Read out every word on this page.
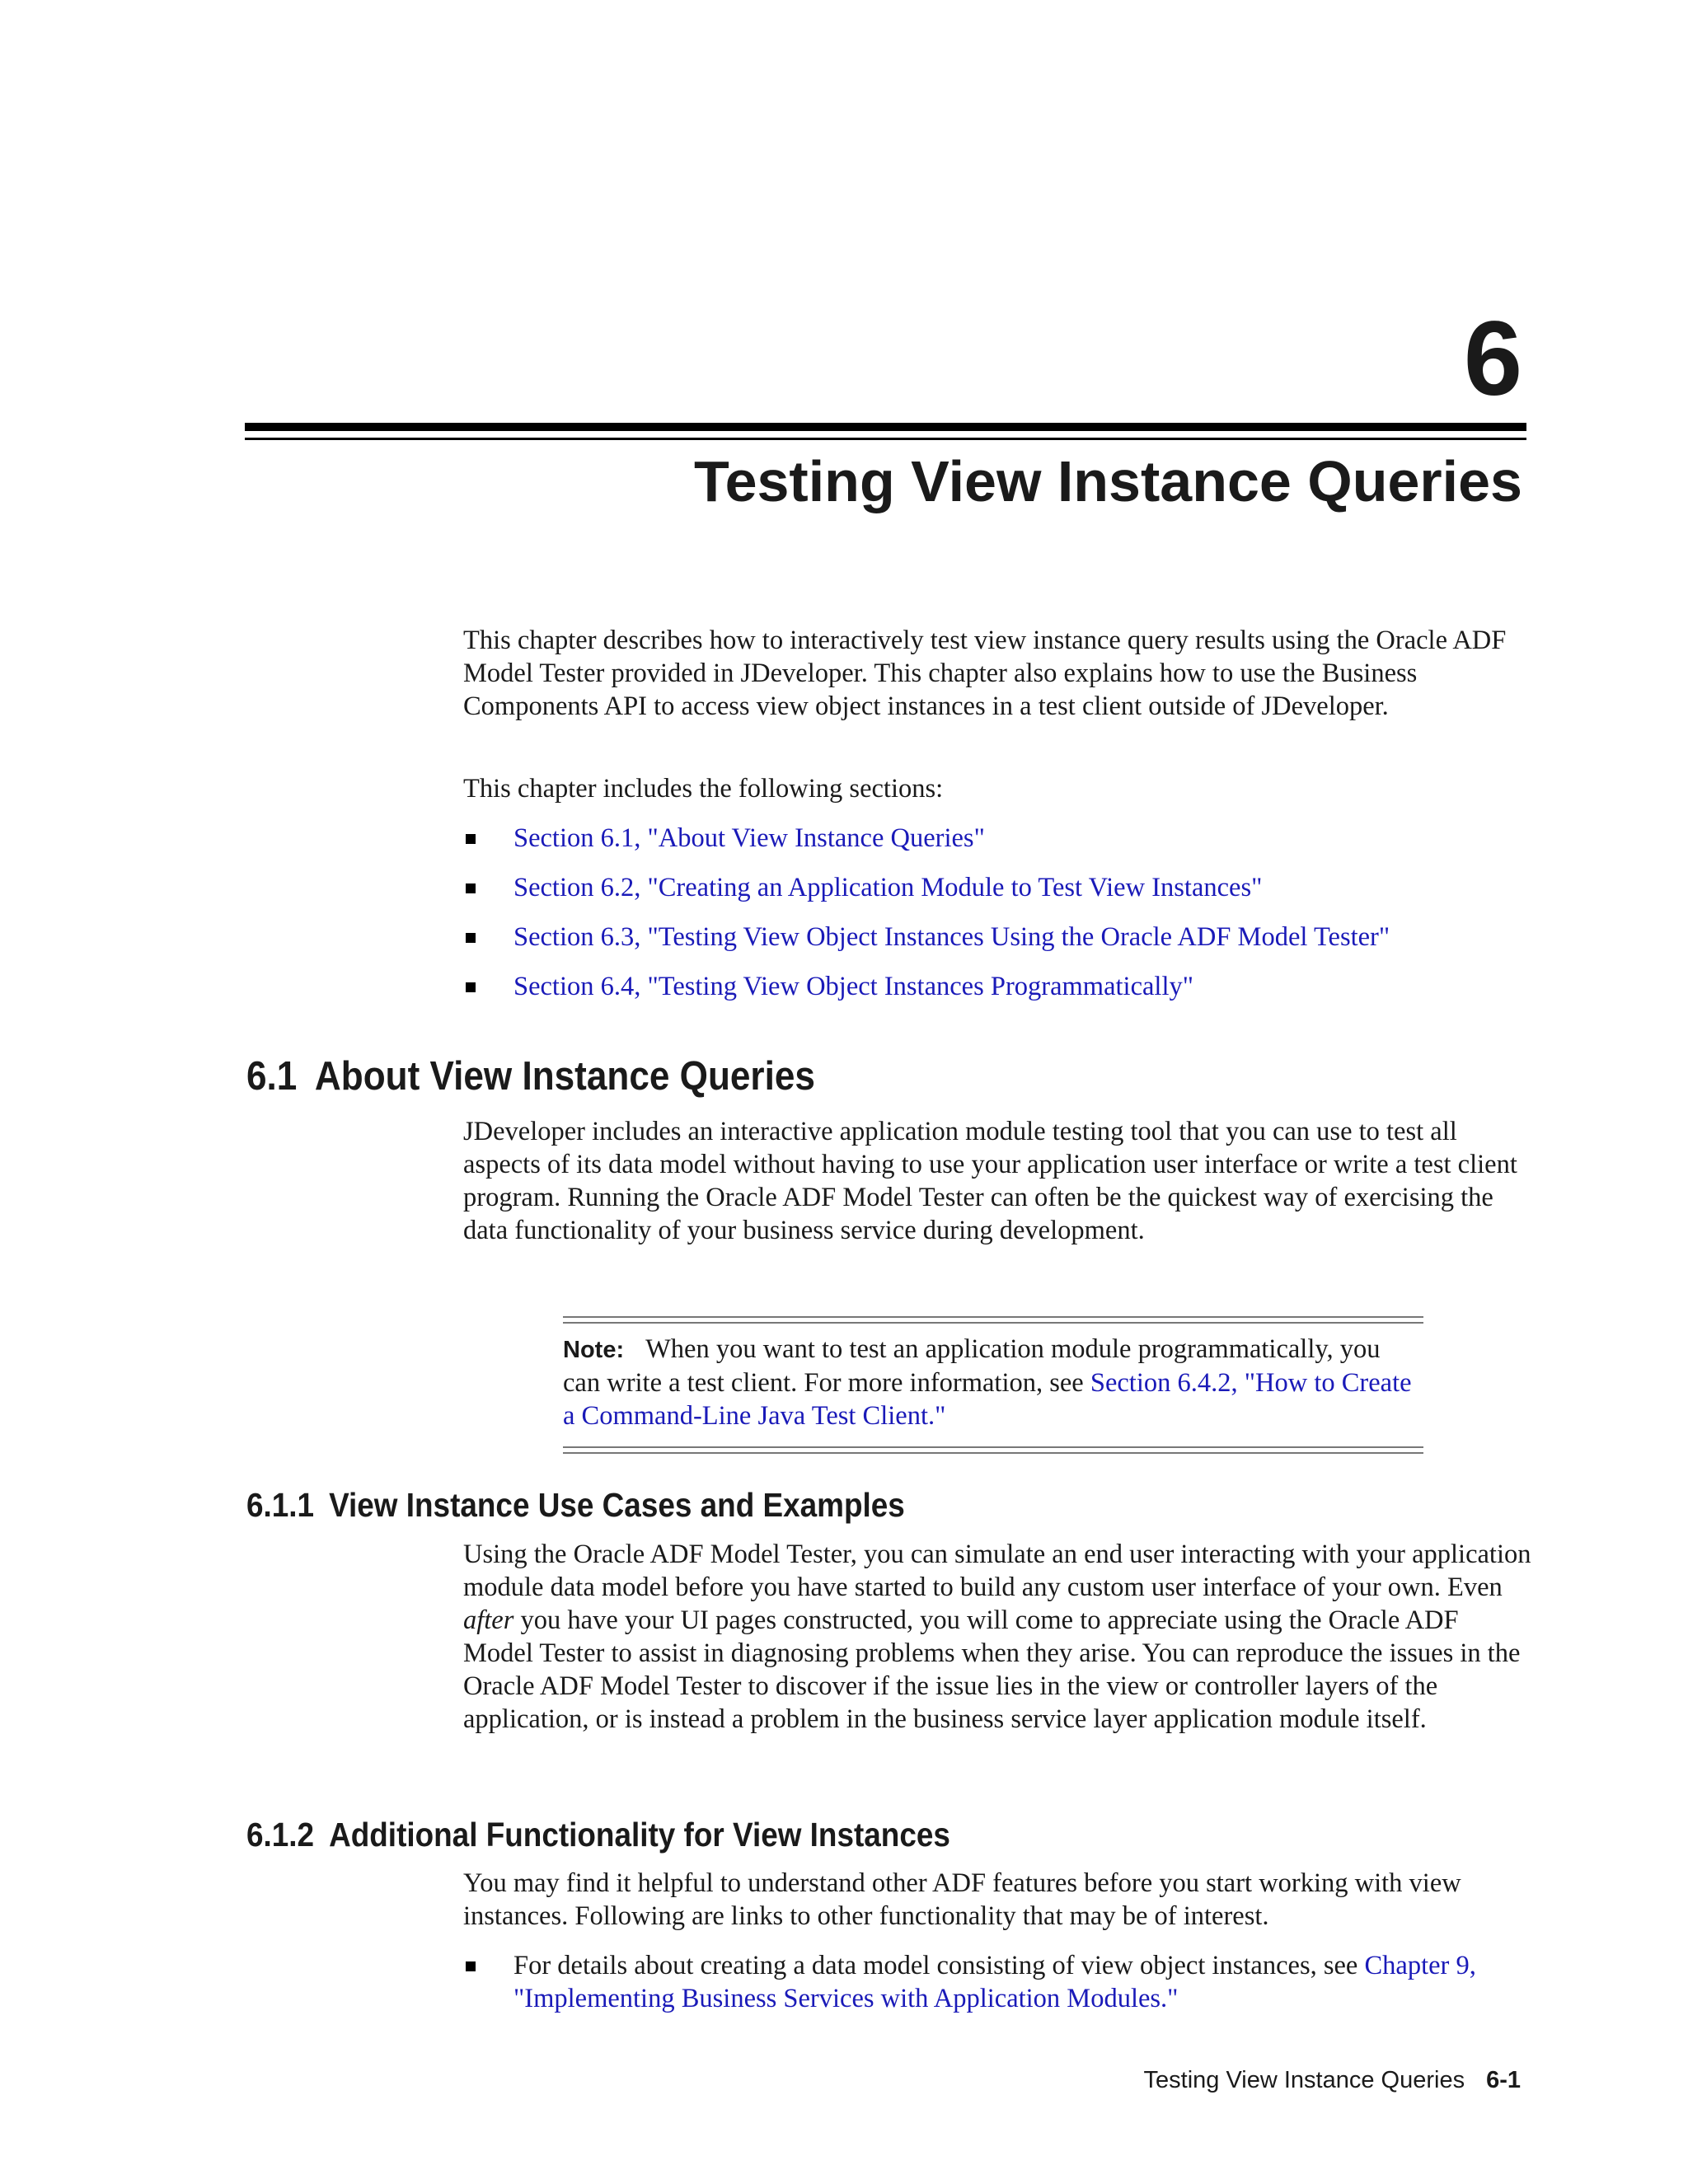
6
Testing View Instance Queries

This chapter describes how to interactively test view instance query results using the Oracle ADF Model Tester provided in JDeveloper. This chapter also explains how to use the Business Components API to access view object instances in a test client outside of JDeveloper.

This chapter includes the following sections:

Section 6.1, "About View Instance Queries"
Section 6.2, "Creating an Application Module to Test View Instances"
Section 6.3, "Testing View Object Instances Using the Oracle ADF Model Tester"
Section 6.4, "Testing View Object Instances Programmatically"
6.1 About View Instance Queries

JDeveloper includes an interactive application module testing tool that you can use to test all aspects of its data model without having to use your application user interface or write a test client program. Running the Oracle ADF Model Tester can often be the quickest way of exercising the data functionality of your business service during development.

Note: When you want to test an application module programmatically, you can write a test client. For more information, see Section 6.4.2, "How to Create a Command-Line Java Test Client."

6.1.1 View Instance Use Cases and Examples

Using the Oracle ADF Model Tester, you can simulate an end user interacting with your application module data model before you have started to build any custom user interface of your own. Even after you have your UI pages constructed, you will come to appreciate using the Oracle ADF Model Tester to assist in diagnosing problems when they arise. You can reproduce the issues in the Oracle ADF Model Tester to discover if the issue lies in the view or controller layers of the application, or is instead a problem in the business service layer application module itself.

6.1.2 Additional Functionality for View Instances

You may find it helpful to understand other ADF features before you start working with view instances. Following are links to other functionality that may be of interest.

For details about creating a data model consisting of view object instances, see Chapter 9, "Implementing Business Services with Application Modules."
Testing View Instance Queries 6-1
